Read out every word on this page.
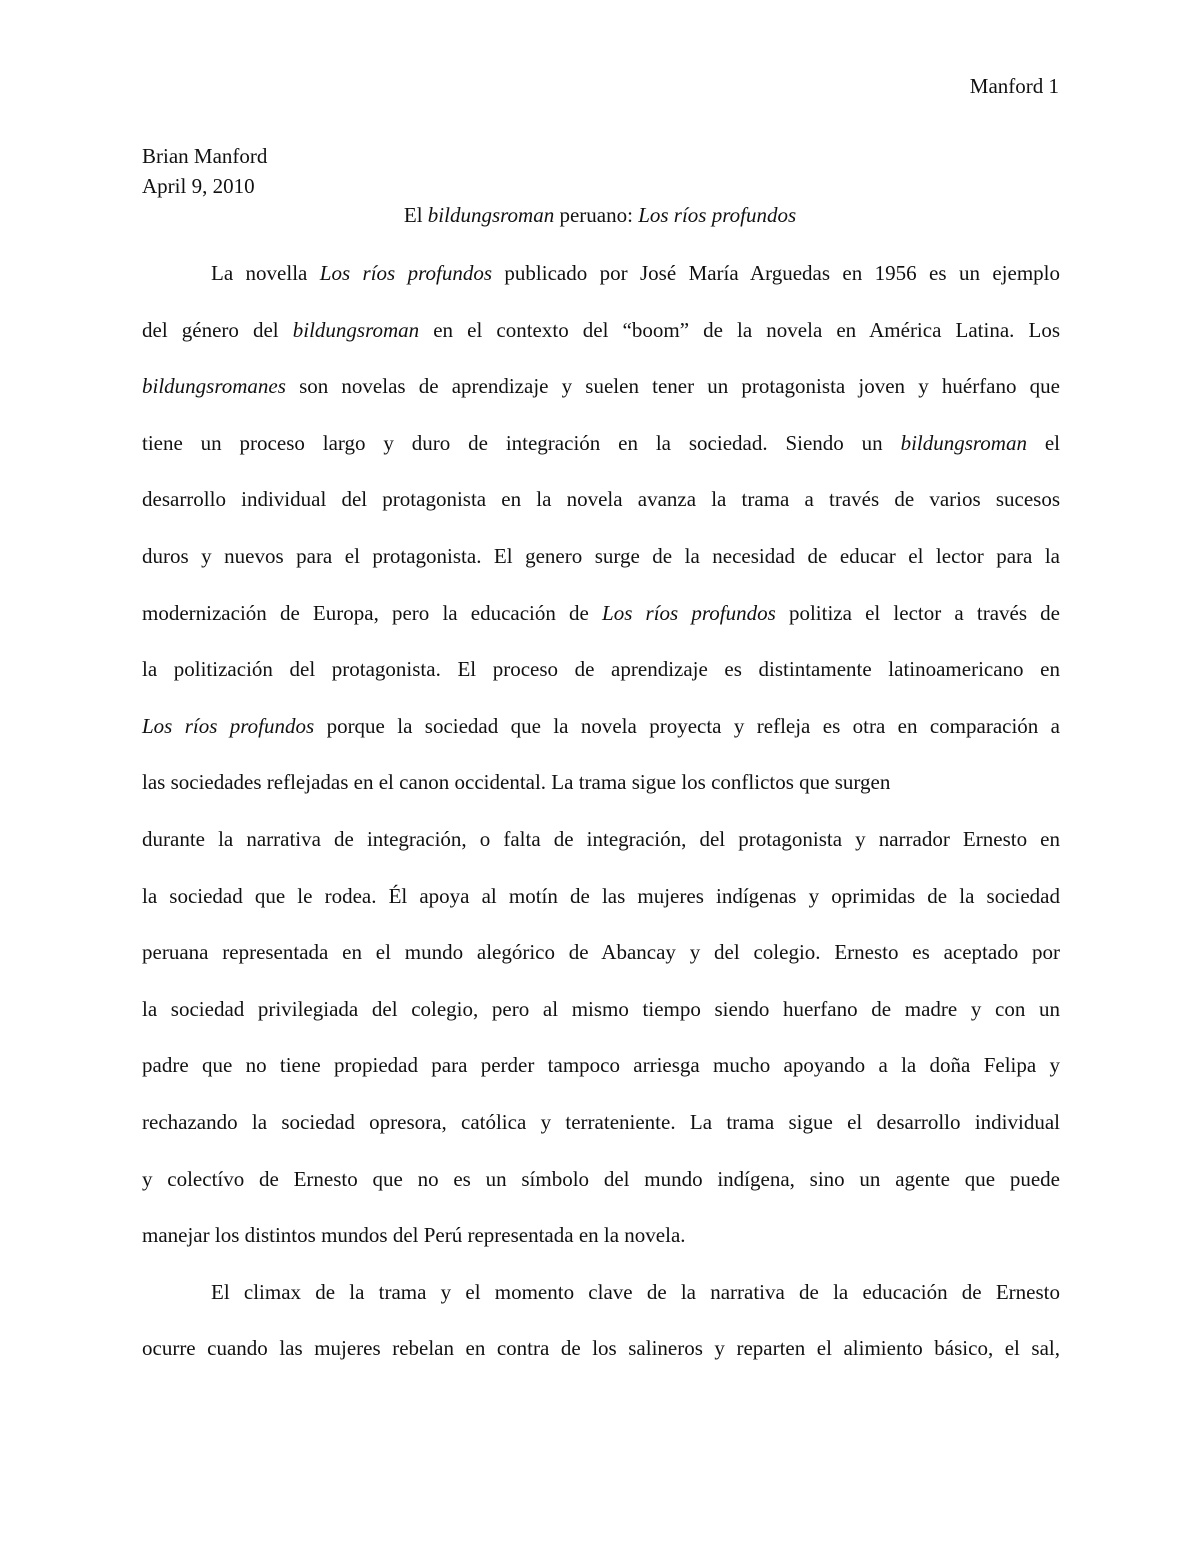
Manford 1
Brian Manford
April 9, 2010
El bildungsroman peruano: Los ríos profundos
La novella Los ríos profundos publicado por José María Arguedas en 1956 es un ejemplo
del género del bildungsroman en el contexto del “boom” de la novela en América Latina. Los
bildungsromanes son novelas de aprendizaje y suelen tener un protagonista joven y huérfano que
tiene un proceso largo y duro de integración en la sociedad. Siendo un bildungsroman el
desarrollo individual del protagonista en la novela avanza la trama a través de varios sucesos
duros y nuevos para el protagonista. El genero surge de la necesidad de educar el lector para la
modernización de Europa, pero la educación de Los ríos profundos politiza el lector a través de
la politización del protagonista. El proceso de aprendizaje es distintamente latinoamericano en
Los ríos profundos porque la sociedad que la novela proyecta y refleja es otra en comparación a
las sociedades reflejadas en el canon occidental. La trama sigue los conflictos que surgen
durante la narrativa de integración, o falta de integración, del protagonista y narrador Ernesto en
la sociedad que le rodea. Él apoya al motín de las mujeres indígenas y oprimidas de la sociedad
peruana representada en el mundo alegórico de Abancay y del colegio. Ernesto es aceptado por
la sociedad privilegiada del colegio, pero al mismo tiempo siendo huerfano de madre y con un
padre que no tiene propiedad para perder tampoco arriesga mucho apoyando a la doña Felipa y
rechazando la sociedad opresora, católica y terrateniente. La trama sigue el desarrollo individual
y colectívo de Ernesto que no es un símbolo del mundo indígena, sino un agente que puede
manejar los distintos mundos del Perú representada en la novela.
El climax de la trama y el momento clave de la narrativa de la educación de Ernesto
ocurre cuando las mujeres rebelan en contra de los salineros y reparten el alimiento básico, el sal,
